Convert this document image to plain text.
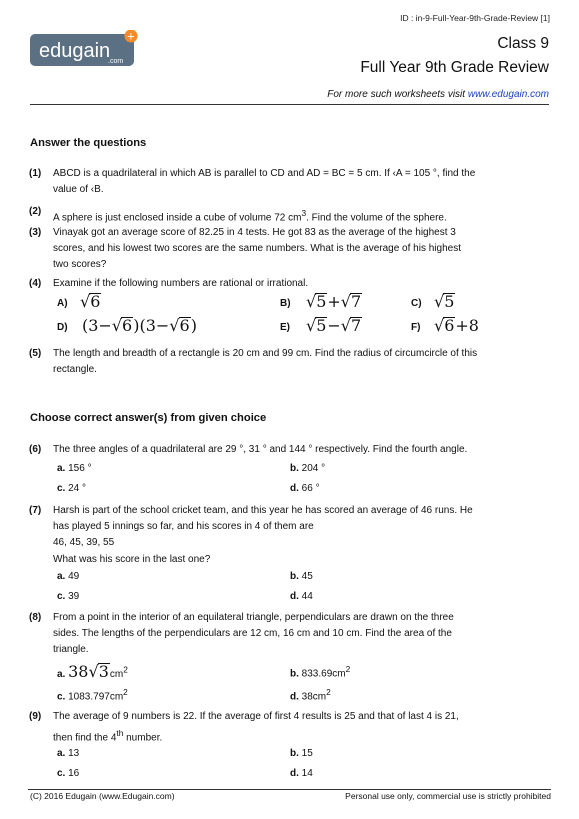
ID : in-9-Full-Year-9th-Grade-Review [1]
+
edugain
.com
Class 9
Full Year 9th Grade Review
For more such worksheets visit www.edugain.com
Answer the questions
(1) ABCD is a quadrilateral in which AB is parallel to CD and AD = BC = 5 cm. If ‹A = 105 °, find the
value of ‹B.
(2)
A sphere is just enclosed inside a cube of volume 72 $cm^3$. Find the volume of the sphere.
(3) Vinayak got an average score of 82.25 in 4 tests. He got 83 as the average of the highest 3
scores, and his lowest two scores are the same numbers. What is the average of his highest
two scores?
(4) Examine if the following numbers are rational or irrational.
A) √6	B) √5+√7	C) √5
D) (3−√6)(3−√6)	E) √5−√7	F) √6+8
(5) The length and breadth of a rectangle is 20 cm and 99 cm. Find the radius of circumcircle of this
rectangle.
Choose correct answer(s) from given choice
(6) The three angles of a quadrilateral are 29 °, 31 ° and 144 ° respectively. Find the fourth angle.
a. 156 °	b. 204 °
c. 24 °	d. 66 °
(7) Harsh is part of the school cricket team, and this year he has scored an average of 46 runs. He
has played 5 innings so far, and his scores in 4 of them are
46, 45, 39, 55
What was his score in the last one?
a. 49	b. 45
c. 39	d. 44
(8) From a point in the interior of an equilateral triangle, perpendiculars are drawn on the three
sides. The lengths of the perpendiculars are 12 cm, 16 cm and 10 cm. Find the area of the
triangle.
a. $38√3cm^2$	b. $833.69cm^2$
c. $1083.797cm^2$	d. $38cm^2$
(9) The average of 9 numbers is 22. If the average of first 4 results is 25 and that of last 4 is 21,
then find the 4th number.
a. 13	b. 15
c. 16	d. 14
(C) 2016 Edugain (www.Edugain.com)	Personal use only, commercial use is strictly prohibited
